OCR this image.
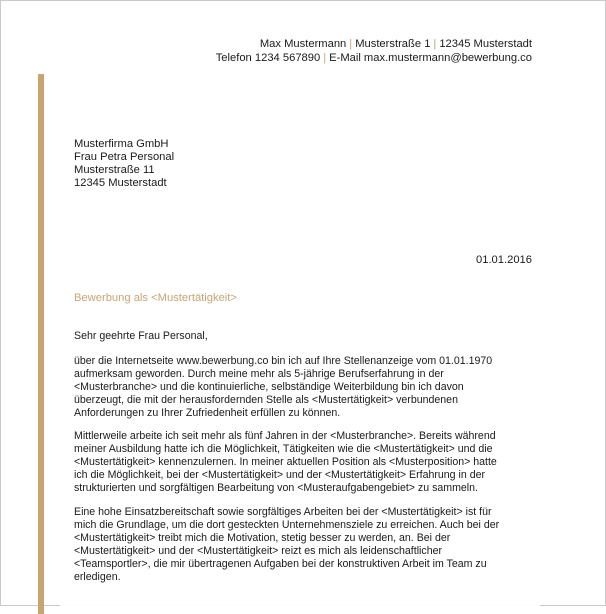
Max Mustermann | Musterstraße 1 | 12345 Musterstadt
Telefon 1234 567890 | E-Mail max.mustermann@bewerbung.co
Musterfirma GmbH
Frau Petra Personal
Musterstraße 11
12345 Musterstadt
01.01.2016
Bewerbung als <Mustertätigkeit>
Sehr geehrte Frau Personal,
über die Internetseite www.bewerbung.co bin ich auf Ihre Stellenanzeige vom 01.01.1970
aufmerksam geworden. Durch meine mehr als 5-jährige Berufserfahrung in der
<Musterbranche> und die kontinuierliche, selbständige Weiterbildung bin ich davon
überzeugt, die mit der herausfordernden Stelle als <Mustertätigkeit> verbundenen
Anforderungen zu Ihrer Zufriedenheit erfüllen zu können.
Mittlerweile arbeite ich seit mehr als fünf Jahren in der <Musterbranche>. Bereits während
meiner Ausbildung hatte ich die Möglichkeit, Tätigkeiten wie die <Mustertätigkeit> und die
<Mustertätigkeit> kennenzulernen. In meiner aktuellen Position als <Musterposition> hatte
ich die Möglichkeit, bei der <Mustertätigkeit> und der <Mustertätigkeit> Erfahrung in der
strukturierten und sorgfältigen Bearbeitung von <Musteraufgabengebiet> zu sammeln.
Eine hohe Einsatzbereitschaft sowie sorgfältiges Arbeiten bei der <Mustertätigkeit> ist für
mich die Grundlage, um die dort gesteckten Unternehmensziele zu erreichen. Auch bei der
<Mustertätigkeit> treibt mich die Motivation, stetig besser zu werden, an. Bei der
<Mustertätigkeit> und der <Mustertätigkeit> reizt es mich als leidenschaftlicher
<Teamsportler>, die mir übertragenen Aufgaben bei der konstruktiven Arbeit im Team zu
erledigen.
